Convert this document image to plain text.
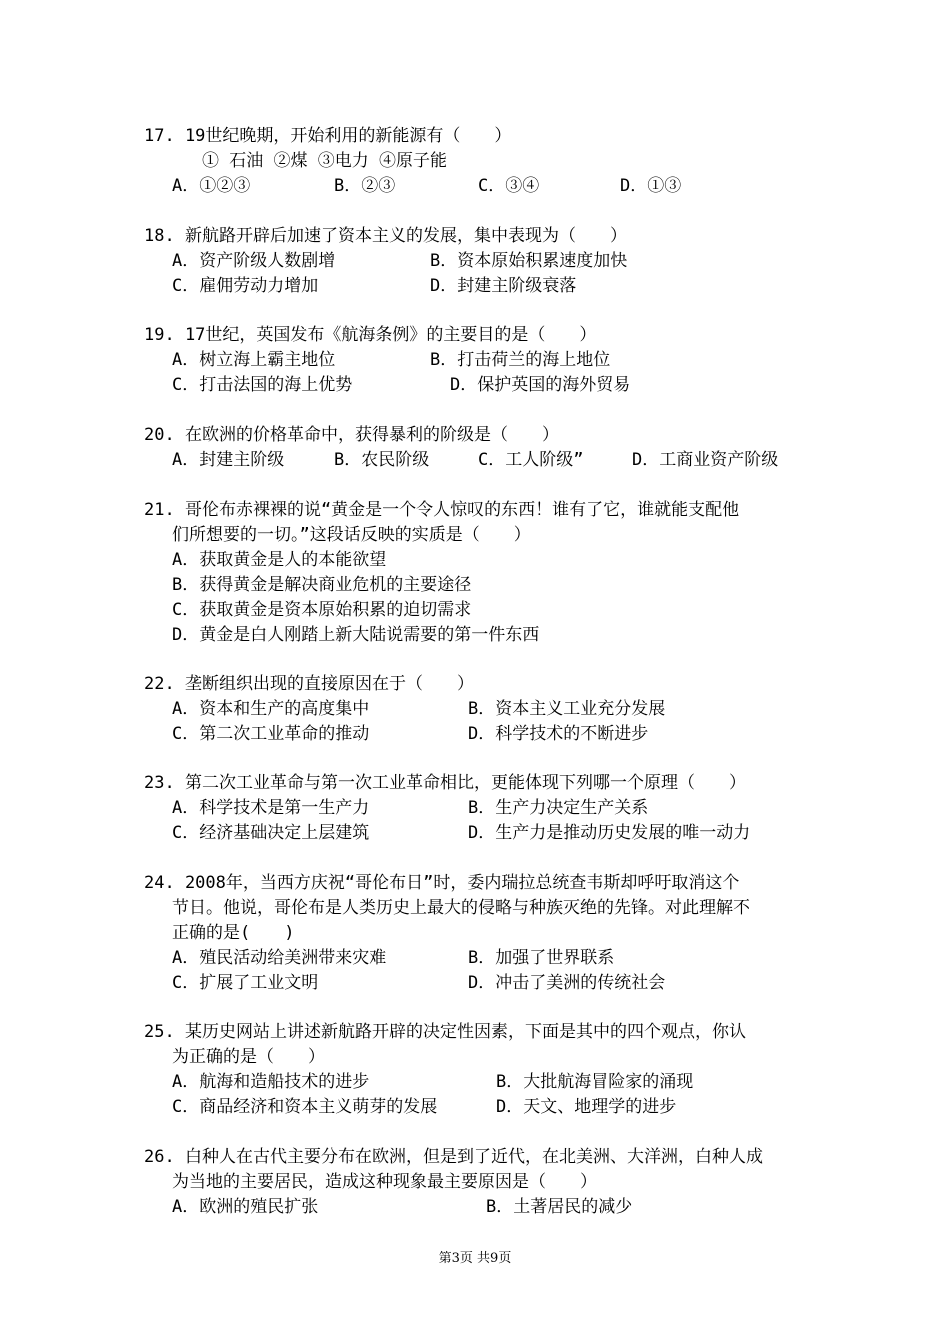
17. 19世纪晚期，开始利用的新能源有（　　）
① 石油 ②煤 ③电力 ④原子能
A．①②③	B．②③	C．③④	D．①③
18. 新航路开辟后加速了资本主义的发展，集中表现为（　　）
A．资产阶级人数剧增	B．资本原始积累速度加快
C．雇佣劳动力增加	D．封建主阶级衰落
19. 17世纪，英国发布《航海条例》的主要目的是（　　）
A．树立海上霸主地位	B．打击荷兰的海上地位
C．打击法国的海上优势	D．保护英国的海外贸易
20. 在欧洲的价格革命中，获得暴利的阶级是（　　）
A．封建主阶级	B．农民阶级	C．工人阶级”	D．工商业资产阶级
21. 哥伦布赤裸裸的说“黄金是一个令人惊叹的东西！谁有了它，谁就能支配他
们所想要的一切。”这段话反映的实质是（　　）
A．获取黄金是人的本能欲望
B．获得黄金是解决商业危机的主要途径
C．获取黄金是资本原始积累的迫切需求
D．黄金是白人刚踏上新大陆说需要的第一件东西
22. 垄断组织出现的直接原因在于（　　）
A．资本和生产的高度集中	B．资本主义工业充分发展
C．第二次工业革命的推动	D．科学技术的不断进步
23. 第二次工业革命与第一次工业革命相比，更能体现下列哪一个原理（　　）
A．科学技术是第一生产力	B．生产力决定生产关系
C．经济基础决定上层建筑	D．生产力是推动历史发展的唯一动力
24. 2008年，当西方庆祝“哥伦布日”时，委内瑞拉总统查韦斯却呼吁取消这个
节日。他说，哥伦布是人类历史上最大的侵略与种族灭绝的先锋。对此理解不
正确的是(　　)
A．殖民活动给美洲带来灾难	B．加强了世界联系
C．扩展了工业文明	D．冲击了美洲的传统社会
25. 某历史网站上讲述新航路开辟的决定性因素，下面是其中的四个观点，你认
为正确的是（　　）
A．航海和造船技术的进步	B．大批航海冒险家的涌现
C．商品经济和资本主义萌芽的发展	D．天文、地理学的进步
26. 白种人在古代主要分布在欧洲，但是到了近代，在北美洲、大洋洲，白种人成
为当地的主要居民，造成这种现象最主要原因是（　　）
A．欧洲的殖民扩张	B．土著居民的减少
第3页 共9页
